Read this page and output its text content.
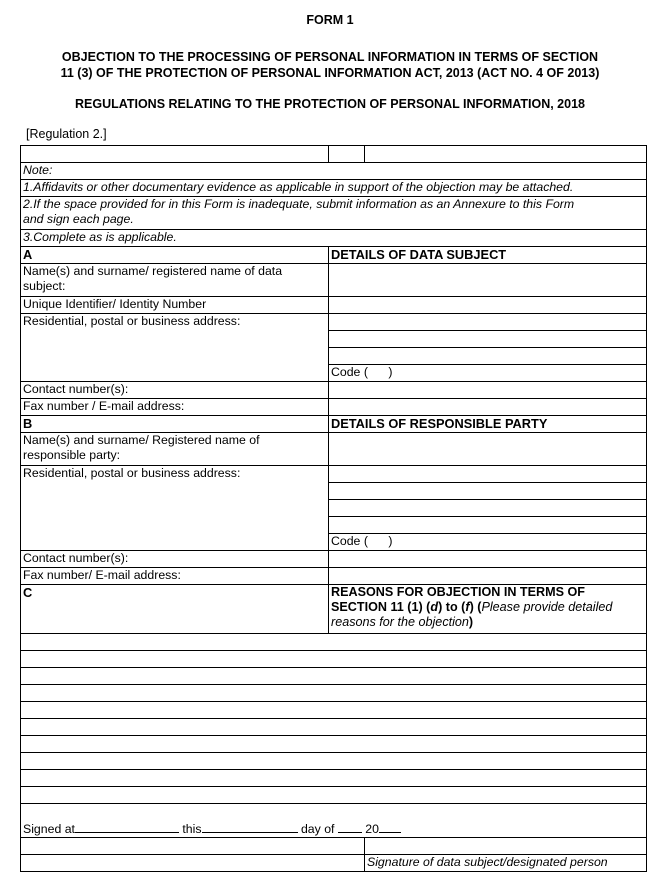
FORM 1
OBJECTION TO THE PROCESSING OF PERSONAL INFORMATION IN TERMS OF SECTION
11 (3) OF THE PROTECTION OF PERSONAL INFORMATION ACT, 2013 (ACT NO. 4 OF 2013)
REGULATIONS RELATING TO THE PROTECTION OF PERSONAL INFORMATION, 2018
[Regulation 2.]

Note:		
1.Affidavits or other documentary evidence as applicable in support of the objection may be attached.		

2.If the space provided for in this Form is inadequate, submit information as an Annexure to this Form
and sign each page.		

3.Complete as is applicable.		
A	DETAILS OF DATA SUBJECT	

Name(s) and surname/ registered name of data
subject:		

Unique Identifier/ Identity Number		
Residential, postal or business address:		

	Code (      )	
Contact number(s):		
Fax number / E-mail address:		
B	DETAILS OF RESPONSIBLE PARTY	

Name(s) and surname/ Registered name of
responsible party:		

Residential, postal or business address:		

	Code (      )	
Contact number(s):		
Fax number/ E-mail address:		
C	REASONS FOR OBJECTION IN TERMS OF
SECTION 11 (1) (d) to (f) (Please provide detailed
reasons for the objection)	

Signed at this day of 20		

		Signature of data subject/designated person
